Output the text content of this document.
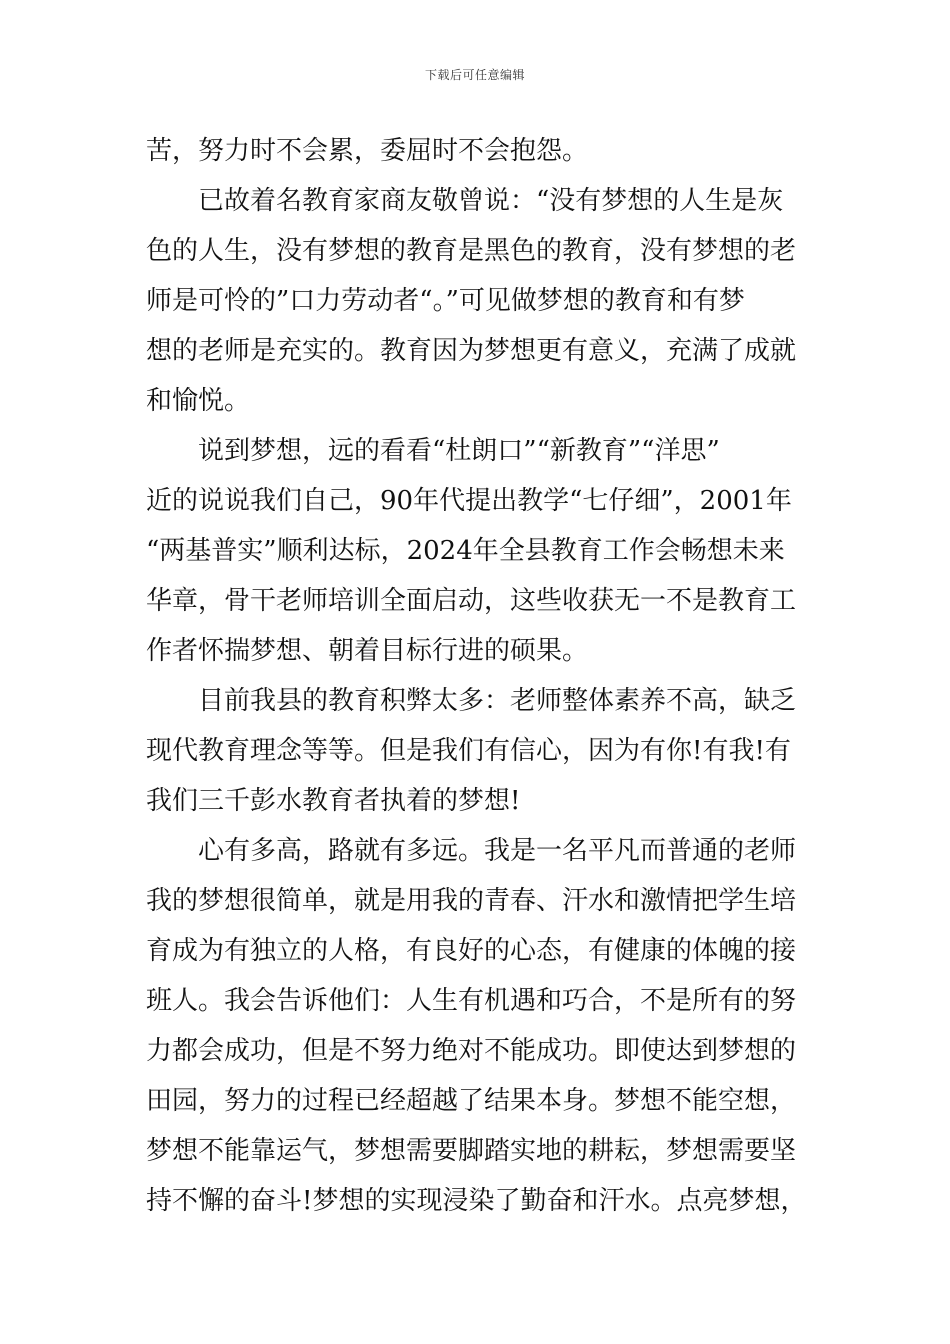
下载后可任意编辑
苦，努力时不会累，委屈时不会抱怨。
已故着名教育家商友敬曾说：“没有梦想的人生是灰
色的人生，没有梦想的教育是黑色的教育，没有梦想的老
师是可怜的”口力劳动者“。”可见做梦想的教育和有梦
想的老师是充实的。教育因为梦想更有意义，充满了成就
和愉悦。
说到梦想，远的看看“杜朗口”“新教育”“洋思”
近的说说我们自己，90年代提出教学“七仔细”，2001年
“两基普实”顺利达标，2024年全县教育工作会畅想未来
华章，骨干老师培训全面启动，这些收获无一不是教育工
作者怀揣梦想、朝着目标行进的硕果。
目前我县的教育积弊太多：老师整体素养不高，缺乏
现代教育理念等等。但是我们有信心，因为有你!有我!有
我们三千彭水教育者执着的梦想!
心有多高，路就有多远。我是一名平凡而普通的老师
我的梦想很简单，就是用我的青春、汗水和激情把学生培
育成为有独立的人格，有良好的心态，有健康的体魄的接
班人。我会告诉他们：人生有机遇和巧合，不是所有的努
力都会成功，但是不努力绝对不能成功。即使达到梦想的
田园，努力的过程已经超越了结果本身。梦想不能空想，
梦想不能靠运气，梦想需要脚踏实地的耕耘，梦想需要坚
持不懈的奋斗!梦想的实现浸染了勤奋和汗水。点亮梦想，
